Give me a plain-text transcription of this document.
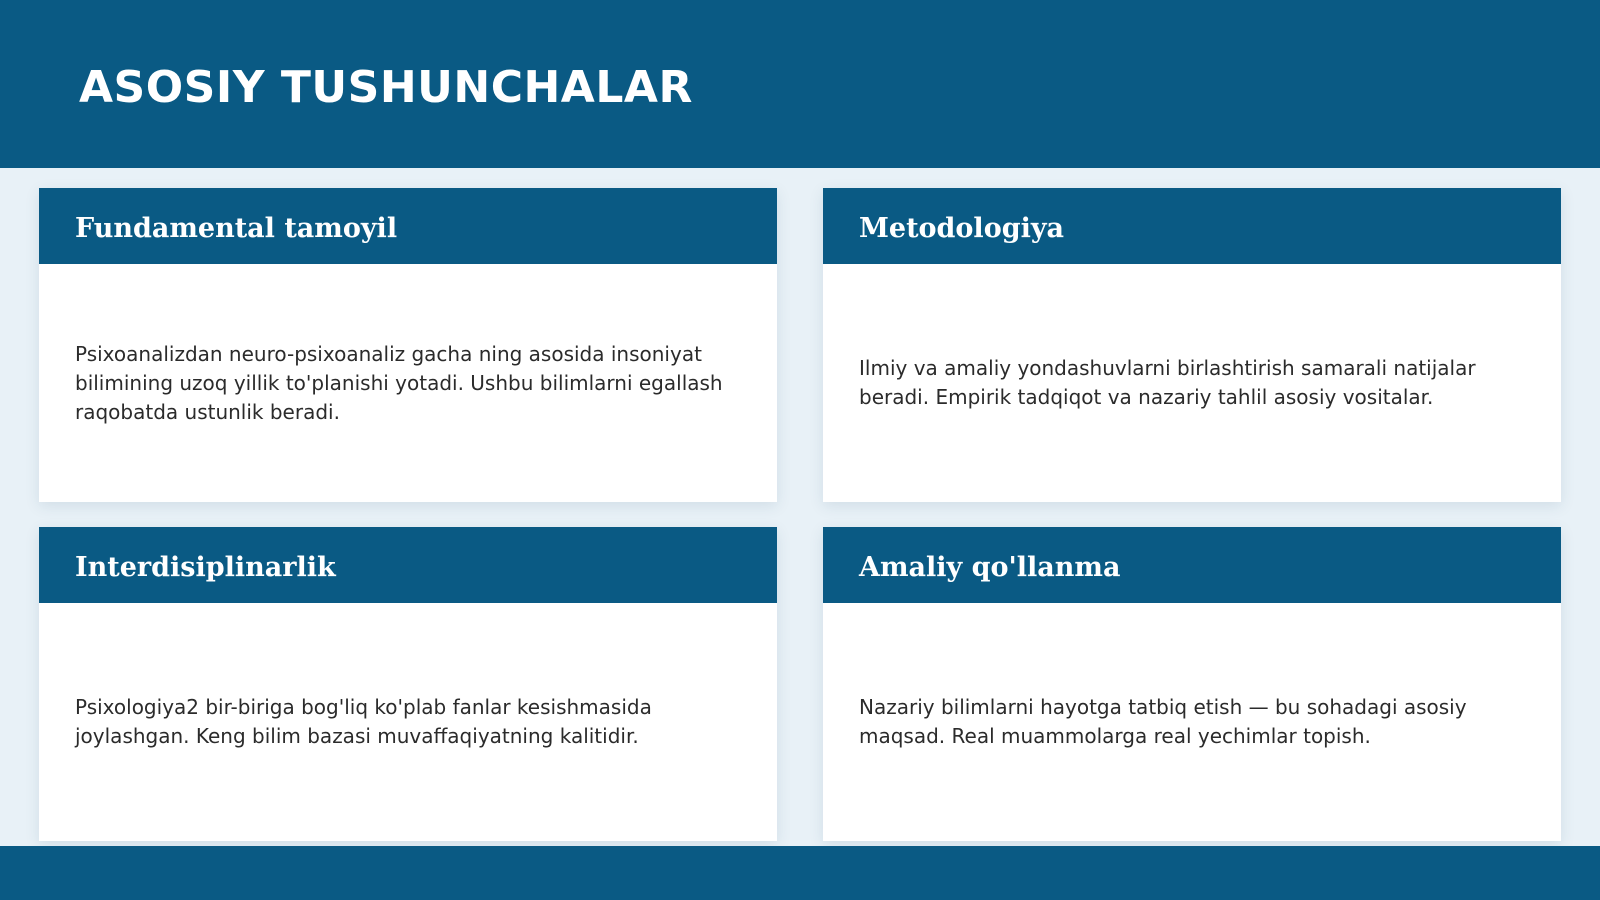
ASOSIY TUSHUNCHALAR
Fundamental tamoyil

Psixoanalizdan neuro-psixoanaliz gacha ning asosida insoniyat bilimining uzoq yillik to'planishi yotadi. Ushbu bilimlarni egallash raqobatda ustunlik beradi.

Metodologiya

Ilmiy va amaliy yondashuvlarni birlashtirish samarali natijalar beradi. Empirik tadqiqot va nazariy tahlil asosiy vositalar.

Interdisiplinarlik

Psixologiya2 bir-biriga bog'liq ko'plab fanlar kesishmasida joylashgan. Keng bilim bazasi muvaffaqiyatning kalitidir.

Amaliy qo'llanma

Nazariy bilimlarni hayotga tatbiq etish — bu sohadagi asosiy maqsad. Real muammolarga real yechimlar topish.
